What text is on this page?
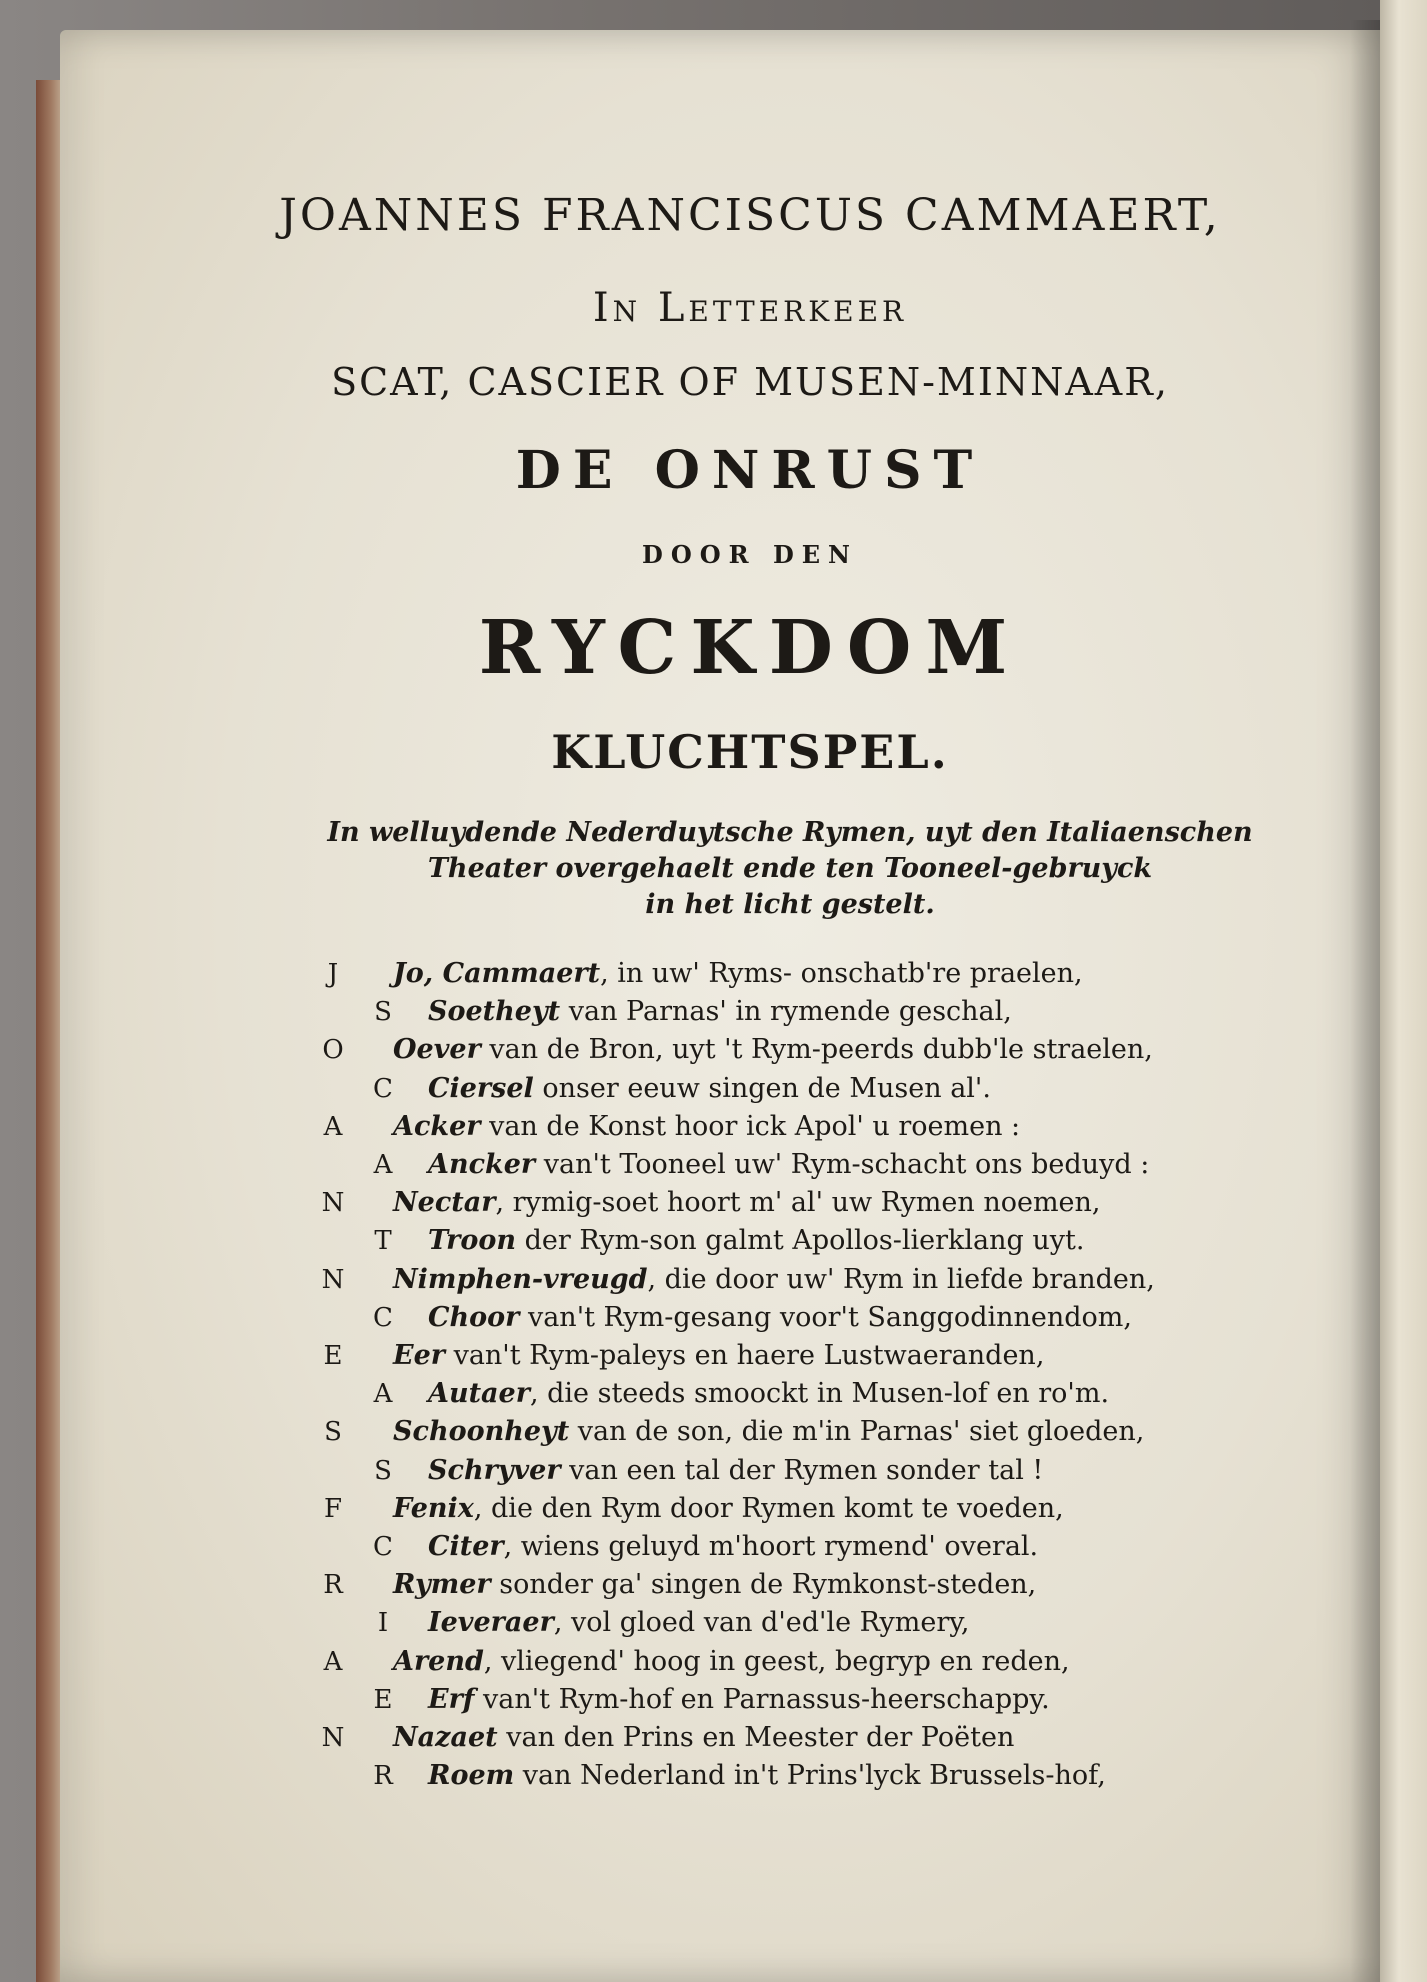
JOANNES FRANCISCUS CAMMAERT,
In Letterkeer
SCAT, CASCIER OF MUSEN-MINNAAR,
DE ONRUST
DOOR DEN
RYCKDOM
KLUCHTSPEL.
In welluydende Nederduytsche Rymen, uyt den Italiaenschen
Theater overgehaelt ende ten Tooneel-gebruyck
in het licht gestelt.
J	Jo, Cammaert, in uw' Ryms- onschatb're praelen,
S Soetheyt van Parnas' in rymende geschal,
O Oever van de Bron, uyt 't Rym-peerds dubb'le straelen,
C Ciersel onser eeuw singen de Musen al'.
A Acker van de Konst hoor ick Apol' u roemen :
A Ancker van't Tooneel uw' Rym-schacht ons beduyd :
N Nectar, rymig-soet hoort m' al' uw Rymen noemen,
T Troon der Rym-son galmt Apollos-lierklang uyt.
N Nimphen-vreugd, die door uw' Rym in liefde branden,
C Choor van't Rym-gesang voor't Sanggodinnendom,
E Eer van't Rym-paleys en haere Lustwaeranden,
A Autaer, die steeds smoockt in Musen-lof en ro'm.
S Schoonheyt van de son, die m'in Parnas' siet gloeden,
S Schryver van een tal der Rymen sonder tal !
F Fenix, die den Rym door Rymen komt te voeden,
C Citer, wiens geluyd m'hoort rymend' overal.
R Rymer sonder ga' singen de Rymkonst-steden,
I	Ieveraer, vol gloed van d'ed'le Rymery,
A Arend, vliegend' hoog in geest, begryp en reden,
E Erf van't Rym-hof en Parnassus-heerschappy.
N Nazaet van den Prins en Meester der Poëten
R Roem van Nederland in't Prins'lyck Brussels-hof,
